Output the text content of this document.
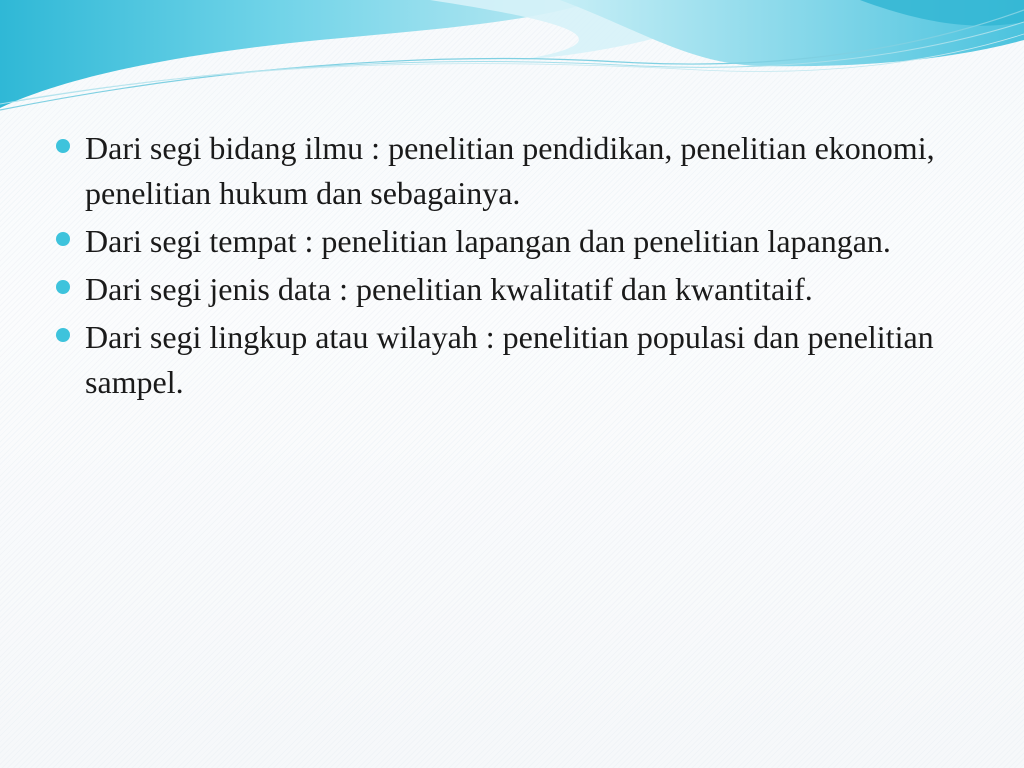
Dari segi bidang ilmu : penelitian pendidikan, penelitian ekonomi, penelitian hukum dan sebagainya.
Dari segi tempat : penelitian lapangan dan penelitian lapangan.
Dari segi jenis data : penelitian kwalitatif dan kwantitaif.
Dari segi lingkup atau wilayah : penelitian populasi dan penelitian sampel.
